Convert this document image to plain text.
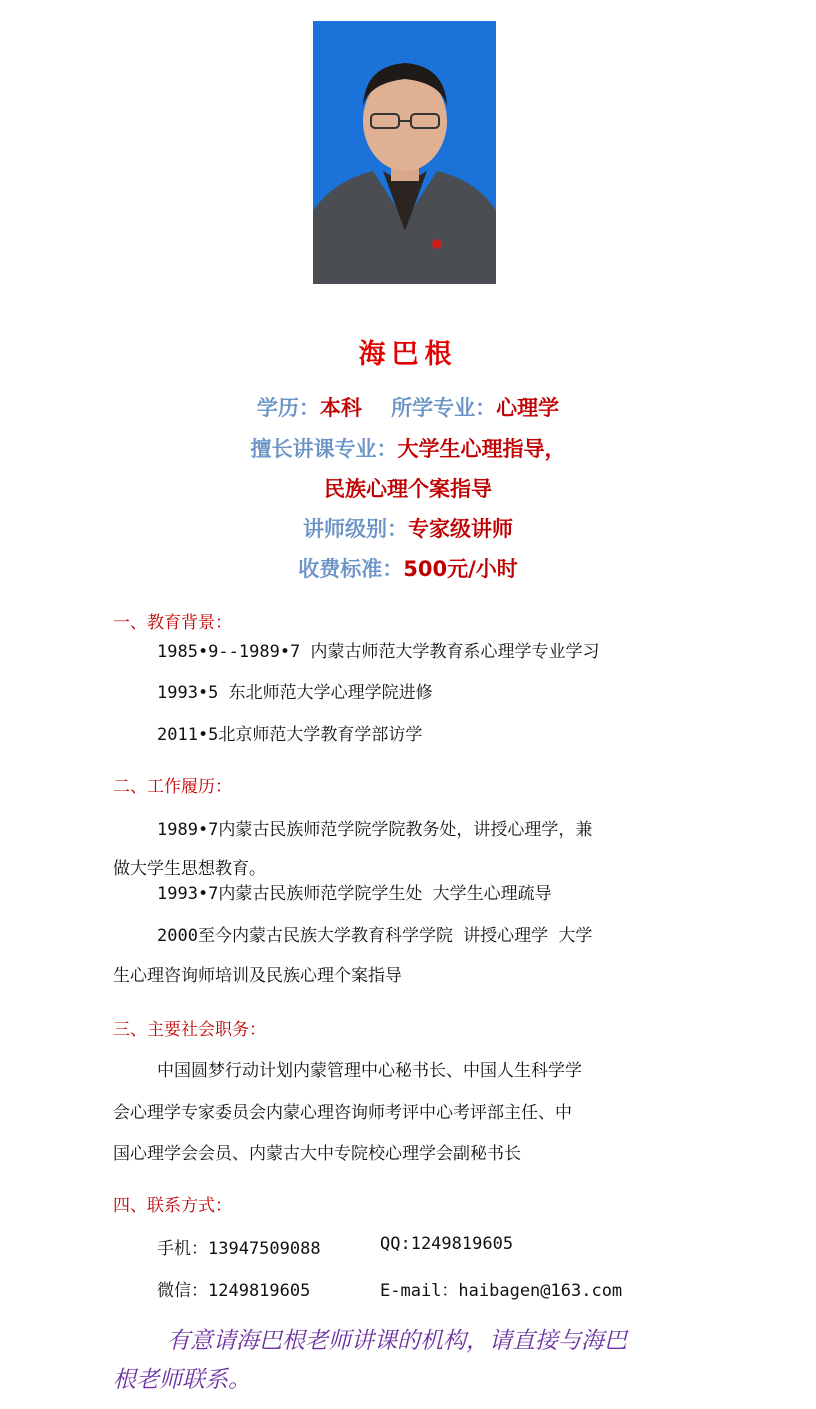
海巴根
学历：本科 所学专业：心理学
擅长讲课专业：大学生心理指导，
民族心理个案指导
讲师级别：专家级讲师
收费标准：500元/小时
一、教育背景：
1985•9--1989•7 内蒙古师范大学教育系心理学专业学习
1993•5 东北师范大学心理学院进修
2011•5北京师范大学教育学部访学
二、工作履历：
1989•7内蒙古民族师范学院学院教务处，讲授心理学，兼
做大学生思想教育。
1993•7内蒙古民族师范学院学生处 大学生心理疏导
2000至今内蒙古民族大学教育科学学院 讲授心理学 大学
生心理咨询师培训及民族心理个案指导
三、主要社会职务：
中国圆梦行动计划内蒙管理中心秘书长、中国人生科学学
会心理学专家委员会内蒙心理咨询师考评中心考评部主任、中
国心理学会会员、内蒙古大中专院校心理学会副秘书长
四、联系方式：
手机：13947509088	QQ:1249819605
微信：1249819605	E-mail：haibagen@163.com
有意请海巴根老师讲课的机构，请直接与海巴
根老师联系。
